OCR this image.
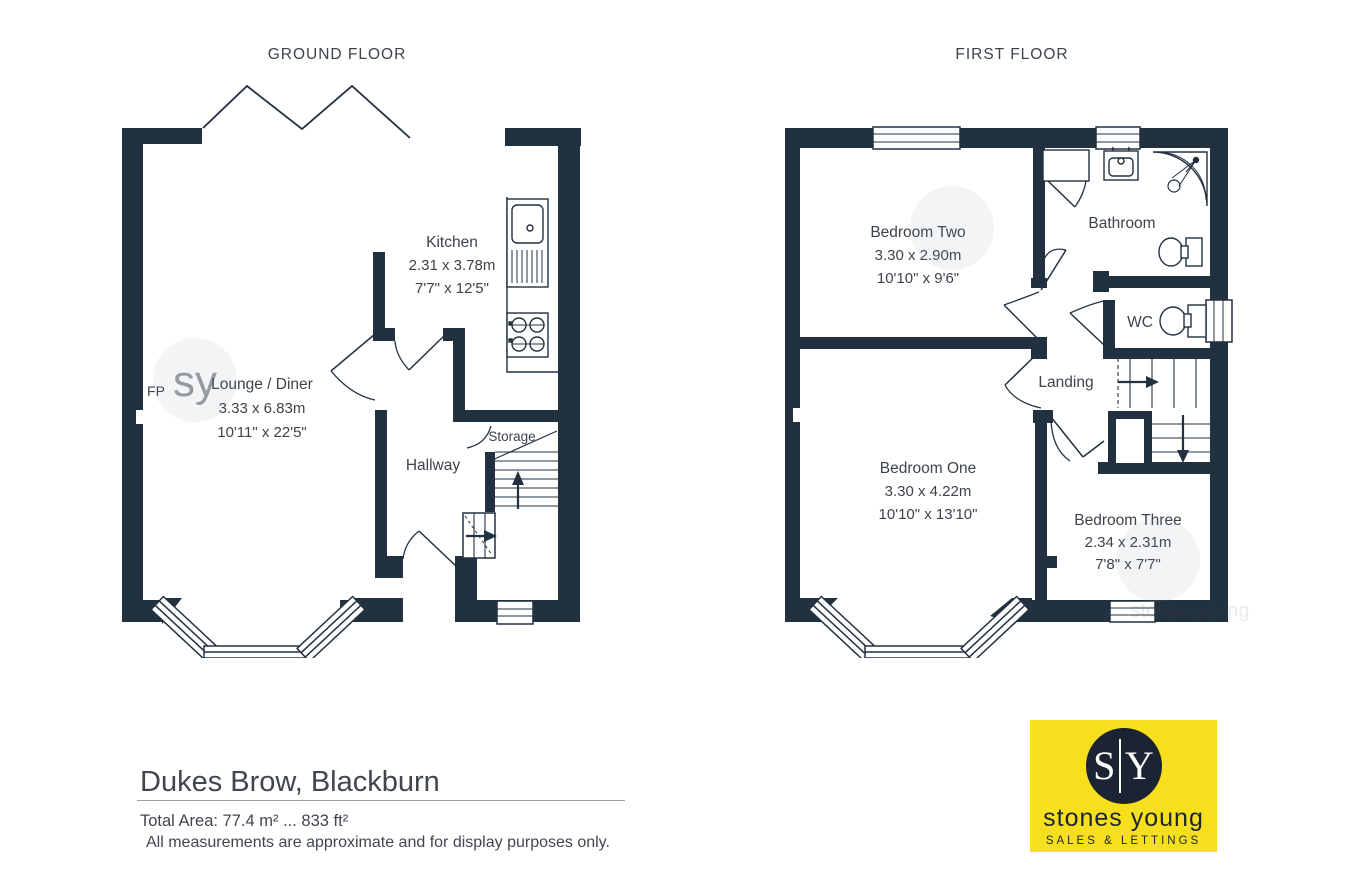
GROUND FLOOR	FIRST FLOOR
Kitchen
2.31 x 3.78m
7'7" x 12'5"
Lounge / Diner
3.33 x 6.83m
10'11" x 22'5"
FP
Hallway
Storage
Bedroom Two
3.30 x 2.90m
10'10" x 9'6"
Bathroom
WC
Landing
Bedroom One
3.30 x 4.22m
10'10" x 13'10"	Bedroom Three
2.34 x 2.31m
7'8" x 7'7"
sy
stones young
Dukes Brow, Blackburn
Total Area: 77.4 m² ... 833 ft²
All measurements are approximate and for display purposes only.
S Y
stones young
SALES & LETTINGS
